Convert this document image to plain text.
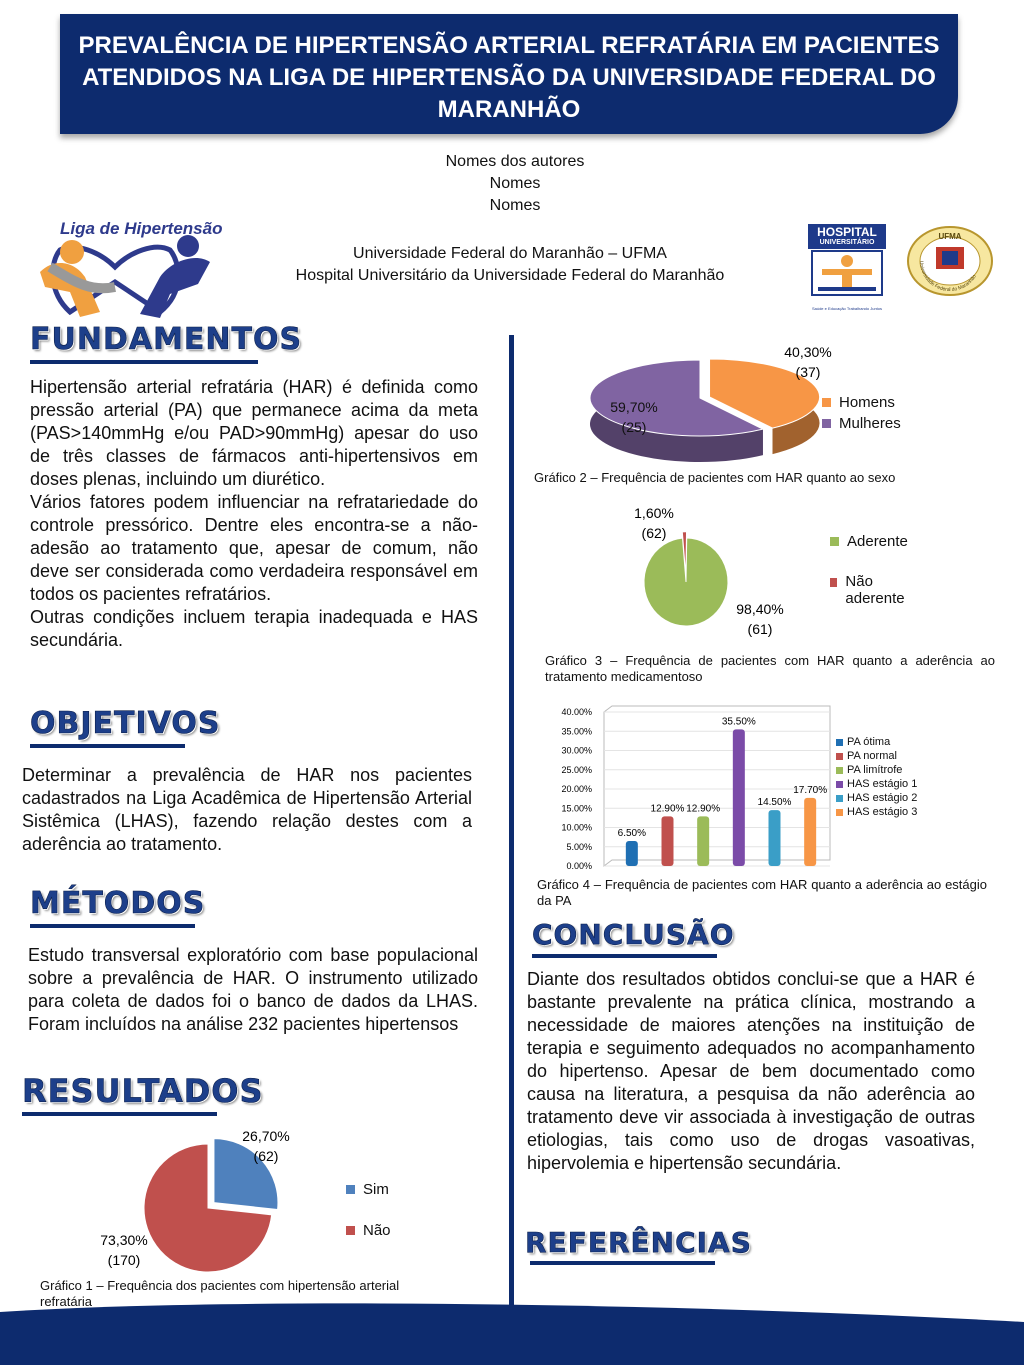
PREVALÊNCIA DE HIPERTENSÃO ARTERIAL REFRATÁRIA EM PACIENTES ATENDIDOS NA LIGA DE HIPERTENSÃO DA UNIVERSIDADE FEDERAL DO MARANHÃO
Nomes dos autores
Nomes
Nomes
Universidade Federal do Maranhão – UFMA
Hospital Universitário da Universidade Federal do Maranhão
Liga de Hipertensão	HOSPITAL
UNIVERSITÁRIO
Saúde e Educação Trabalhando Juntos
UFMA
Universidade Federal do Maranhão
FUNDAMENTOS
Hipertensão arterial refratária (HAR) é definida como pressão arterial (PA) que permanece acima da meta (PAS>140mmHg e/ou PAD>90mmHg) apesar do uso de três classes de fármacos anti-hipertensivos em doses plenas, incluindo um diurético.
Vários fatores podem influenciar na refratariedade do controle pressórico. Dentre eles encontra-se a não-adesão ao tratamento que, apesar de comum, não deve ser considerada como verdadeira responsável em todos os pacientes refratários.
Outras condições incluem terapia inadequada e HAS secundária.
OBJETIVOS
Determinar a prevalência de HAR nos pacientes cadastrados na Liga Acadêmica de Hipertensão Arterial Sistêmica (LHAS), fazendo relação destes com a aderência ao tratamento.
MÉTODOS
Estudo transversal exploratório com base populacional sobre a prevalência de HAR. O instrumento utilizado para coleta de dados foi o banco de dados da LHAS. Foram incluídos na análise 232 pacientes hipertensos
RESULTADOS
26,70% (62)
73,30% (170)
Sim
Não
Gráfico 1 – Frequência dos pacientes com hipertensão arterial refratária
40,30% (37)
59,70% (25)
Homens
Mulheres
Gráfico 2 – Frequência de pacientes com HAR quanto ao sexo
1,60% (62)
98,40% (61)
Aderente
Não aderente
Gráfico 3 – Frequência de pacientes com HAR quanto a aderência ao tratamento medicamentoso
0.00%
5.00%
10.00%
15.00%
20.00%
25.00%
30.00%
35.00%
40.00%
6.50%
12.90% 12.90%
35.50%
14.50%
17.70%
PA ótima
PA normal
PA limítrofe
HAS estágio 1
HAS estágio 2
HAS estágio 3
Gráfico 4 – Frequência de pacientes com HAR quanto a aderência ao estágio da PA
CONCLUSÃO
Diante dos resultados obtidos conclui-se que a HAR é bastante prevalente na prática clínica, mostrando a necessidade de maiores atenções na instituição de terapia e seguimento adequados no acompanhamento do hipertenso. Apesar de bem documentado como causa na literatura, a pesquisa da não aderência ao tratamento deve vir associada à investigação de outras etiologias, tais como uso de drogas vasoativas, hipervolemia e hipertensão secundária.
REFERÊNCIAS
